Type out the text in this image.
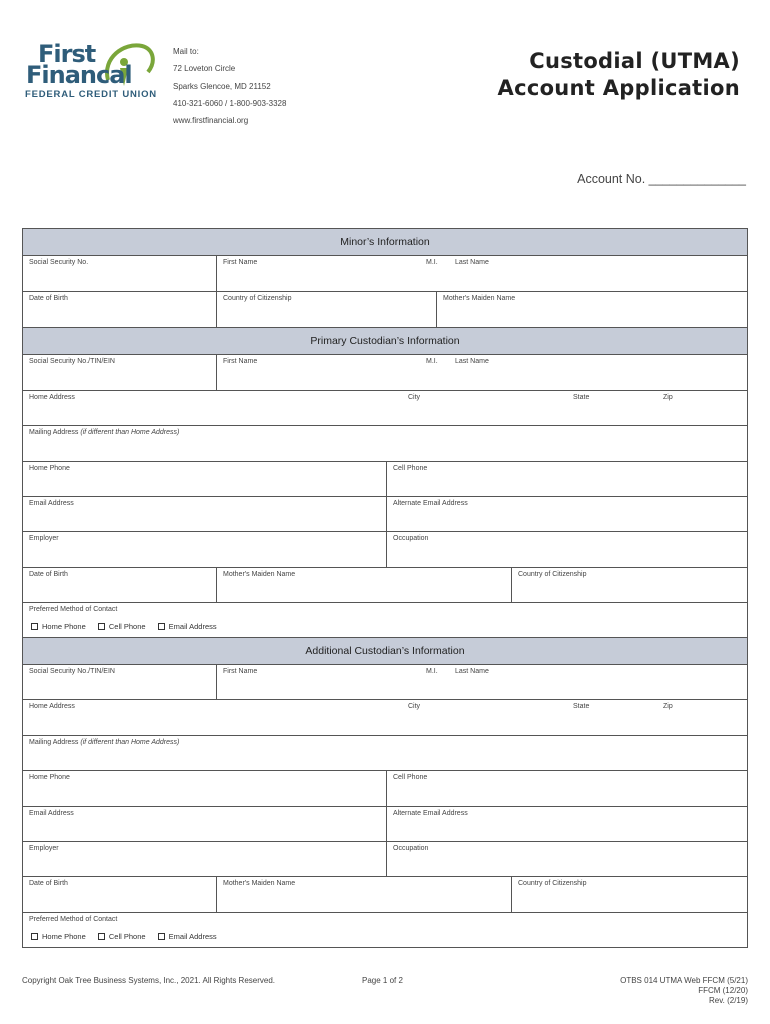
First
Financal
FEDERAL CREDIT UNION
Mail to:
72 Loveton Circle
Sparks Glencoe, MD 21152
410-321-6060 / 1-800-903-3328
www.firstfinancial.org
Custodial (UTMA)
Account Application
Account No. ______________
Minor’s Information
Social Security No.	First Name	M.I. Last Name
Date of Birth	Country of Citizenship	Mother's Maiden Name
Primary Custodian’s Information
Social Security No./TIN/EIN	First Name	M.I. Last Name
Home Address	City	State	Zip
Mailing Address (if different than Home Address)
Home Phone	Cell Phone
Email Address	Alternate Email Address
Employer	Occupation
Date of Birth	Mother's Maiden Name	Country of Citizenship
Preferred Method of Contact
Home Phone	Cell Phone	Email Address
Additional Custodian’s Information
Social Security No./TIN/EIN	First Name	M.I. Last Name
Home Address	City	State	Zip
Mailing Address (if different than Home Address)
Home Phone	Cell Phone
Email Address	Alternate Email Address
Employer	Occupation
Date of Birth	Mother's Maiden Name	Country of Citizenship
Preferred Method of Contact
Home Phone	Cell Phone	Email Address
Copyright Oak Tree Business Systems, Inc., 2021. All Rights Reserved.	Page 1 of 2	OTBS 014 UTMA Web FFCM (5/21)
FFCM (12/20)
Rev. (2/19)
